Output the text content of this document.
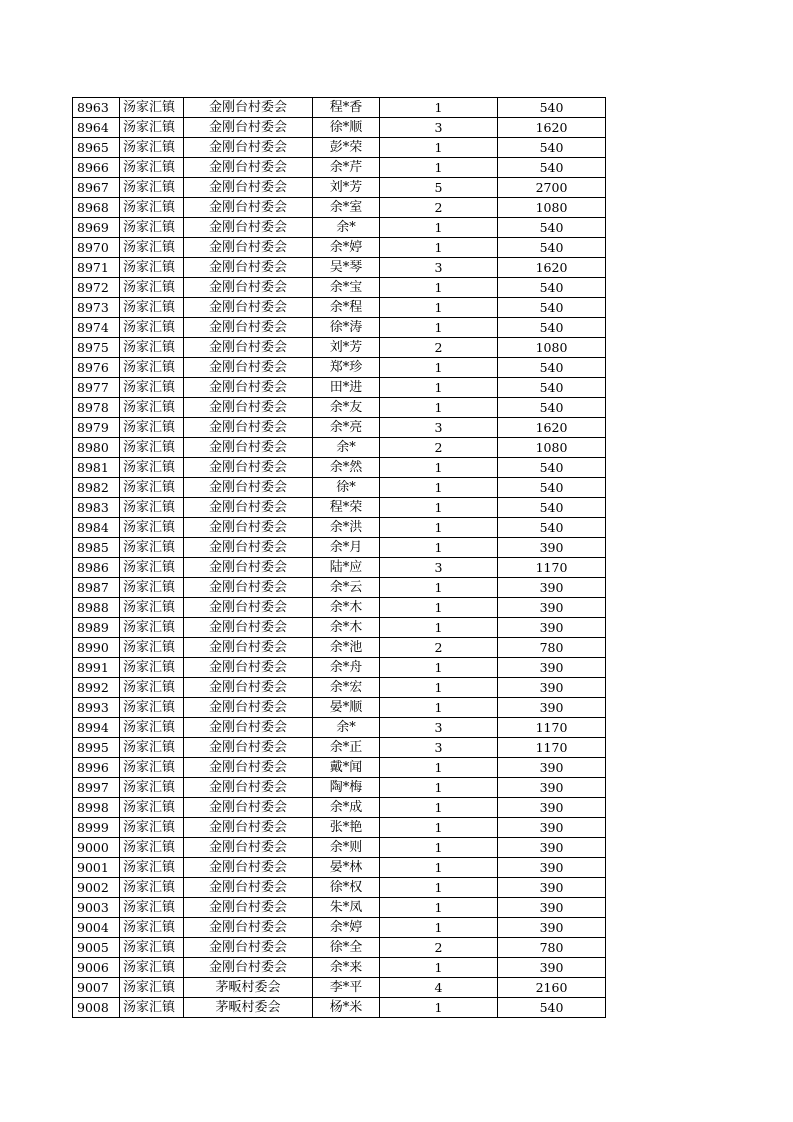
8963	汤家汇镇	金刚台村委会	程*香	1	540
8964	汤家汇镇	金刚台村委会	徐*顺	3	1620
8965	汤家汇镇	金刚台村委会	彭*荣	1	540
8966	汤家汇镇	金刚台村委会	余*芹	1	540
8967	汤家汇镇	金刚台村委会	刘*芳	5	2700
8968	汤家汇镇	金刚台村委会	余*室	2	1080
8969	汤家汇镇	金刚台村委会	余*	1	540
8970	汤家汇镇	金刚台村委会	余*婷	1	540
8971	汤家汇镇	金刚台村委会	吴*琴	3	1620
8972	汤家汇镇	金刚台村委会	余*宝	1	540
8973	汤家汇镇	金刚台村委会	余*程	1	540
8974	汤家汇镇	金刚台村委会	徐*涛	1	540
8975	汤家汇镇	金刚台村委会	刘*芳	2	1080
8976	汤家汇镇	金刚台村委会	郑*珍	1	540
8977	汤家汇镇	金刚台村委会	田*进	1	540
8978	汤家汇镇	金刚台村委会	余*友	1	540
8979	汤家汇镇	金刚台村委会	余*亮	3	1620
8980	汤家汇镇	金刚台村委会	余*	2	1080
8981	汤家汇镇	金刚台村委会	余*然	1	540
8982	汤家汇镇	金刚台村委会	徐*	1	540
8983	汤家汇镇	金刚台村委会	程*荣	1	540
8984	汤家汇镇	金刚台村委会	余*洪	1	540
8985	汤家汇镇	金刚台村委会	余*月	1	390
8986	汤家汇镇	金刚台村委会	陆*应	3	1170
8987	汤家汇镇	金刚台村委会	余*云	1	390
8988	汤家汇镇	金刚台村委会	余*木	1	390
8989	汤家汇镇	金刚台村委会	余*木	1	390
8990	汤家汇镇	金刚台村委会	余*池	2	780
8991	汤家汇镇	金刚台村委会	余*舟	1	390
8992	汤家汇镇	金刚台村委会	余*宏	1	390
8993	汤家汇镇	金刚台村委会	晏*顺	1	390
8994	汤家汇镇	金刚台村委会	余*	3	1170
8995	汤家汇镇	金刚台村委会	余*正	3	1170
8996	汤家汇镇	金刚台村委会	戴*闻	1	390
8997	汤家汇镇	金刚台村委会	陶*梅	1	390
8998	汤家汇镇	金刚台村委会	余*成	1	390
8999	汤家汇镇	金刚台村委会	张*艳	1	390
9000	汤家汇镇	金刚台村委会	余*则	1	390
9001	汤家汇镇	金刚台村委会	晏*林	1	390
9002	汤家汇镇	金刚台村委会	徐*权	1	390
9003	汤家汇镇	金刚台村委会	朱*凤	1	390
9004	汤家汇镇	金刚台村委会	余*婷	1	390
9005	汤家汇镇	金刚台村委会	徐*全	2	780
9006	汤家汇镇	金刚台村委会	余*来	1	390
9007	汤家汇镇	茅畈村委会	李*平	4	2160
9008	汤家汇镇	茅畈村委会	杨*米	1	540
